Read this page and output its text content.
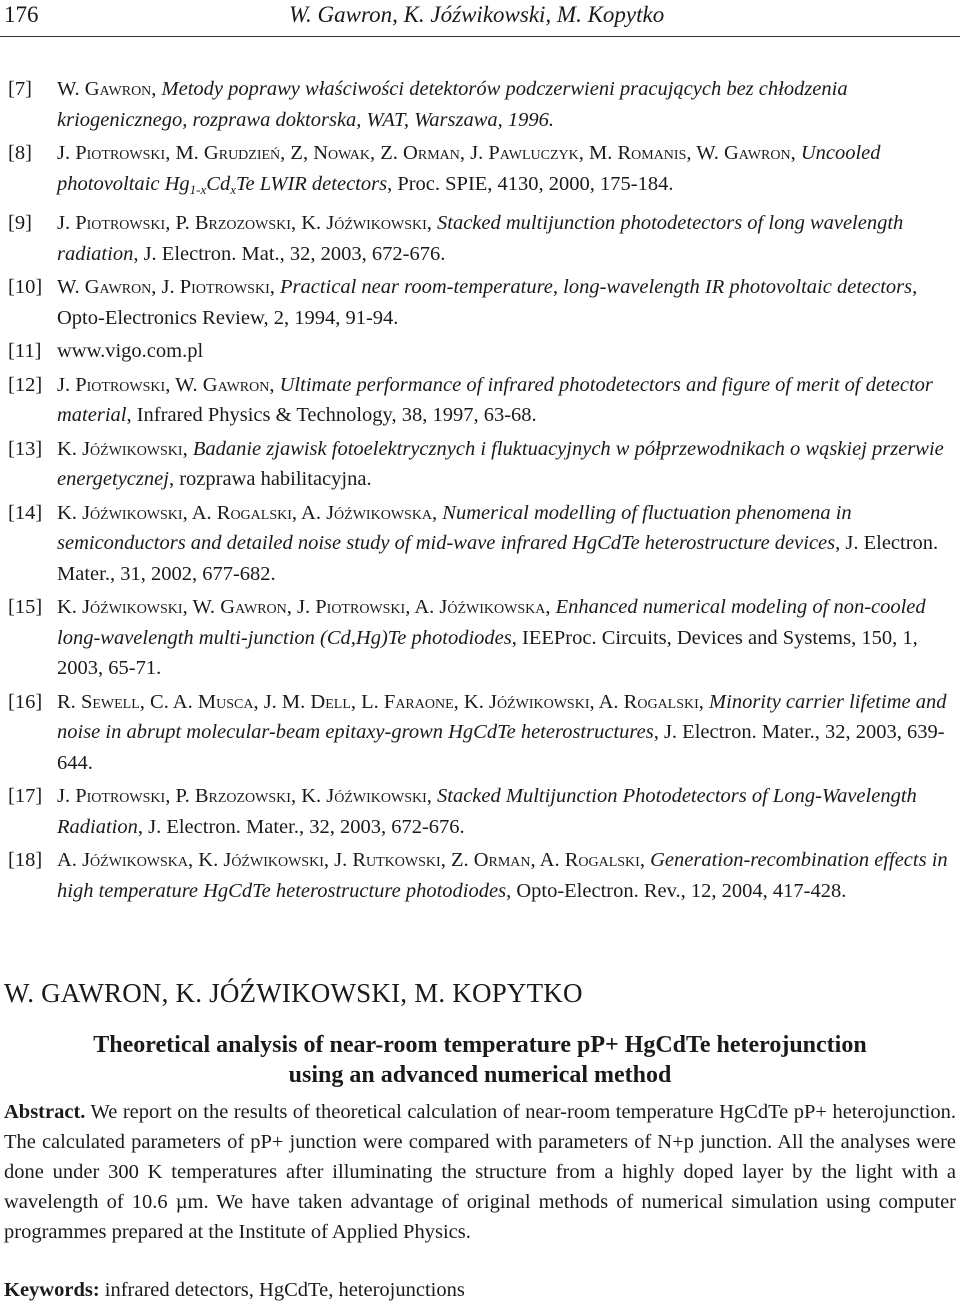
176	W. Gawron, K. Jóźwikowski, M. Kopytko
[7] W. Gawron, Metody poprawy właściwości detektorów podczerwieni pracujących bez chłodzenia kriogenicznego, rozprawa doktorska, WAT, Warszawa, 1996.
[8] J. Piotrowski, M. Grudzień, Z, Nowak, Z. Orman, J. Pawluczyk, M. Romanis, W. Gawron, Uncooled photovoltaic $Hg_{1-x}Cd_xTe$ LWIR detectors, Proc. SPIE, 4130, 2000, 175-184.
[9] J. Piotrowski, P. Brzozowski, K. Jóźwikowski, Stacked multijunction photodetectors of long wavelength radiation, J. Electron. Mat., 32, 2003, 672-676.
[10] W. Gawron, J. Piotrowski, Practical near room-temperature, long-wavelength IR photovoltaic detectors, Opto-Electronics Review, 2, 1994, 91-94.
[11] www.vigo.com.pl
[12] J. Piotrowski, W. Gawron, Ultimate performance of infrared photodetectors and figure of merit of detector material, Infrared Physics & Technology, 38, 1997, 63-68.
[13] K. Jóźwikowski, Badanie zjawisk fotoelektrycznych i fluktuacyjnych w półprzewodnikach o wąskiej przerwie energetycznej, rozprawa habilitacyjna.
[14] K. Jóźwikowski, A. Rogalski, A. Jóźwikowska, Numerical modelling of fluctuation phenomena in semiconductors and detailed noise study of mid-wave infrared HgCdTe heterostructure devices, J. Electron. Mater., 31, 2002, 677-682.
[15] K. Jóźwikowski, W. Gawron, J. Piotrowski, A. Jóźwikowska, Enhanced numerical modeling of non-cooled long-wavelength multi-junction (Cd,Hg)Te photodiodes, IEEProc. Circuits, Devices and Systems, 150, 1, 2003, 65-71.
[16] R. Sewell, C. A. Musca, J. M. Dell, L. Faraone, K. Jóźwikowski, A. Rogalski, Minority carrier lifetime and noise in abrupt molecular-beam epitaxy-grown HgCdTe heterostructures, J. Electron. Mater., 32, 2003, 639-644.
[17] J. Piotrowski, P. Brzozowski, K. Jóźwikowski, Stacked Multijunction Photodetectors of Long-Wavelength Radiation, J. Electron. Mater., 32, 2003, 672-676.
[18] A. Jóźwikowska, K. Jóźwikowski, J. Rutkowski, Z. Orman, A. Rogalski, Generation-recombination effects in high temperature HgCdTe heterostructure photodiodes, Opto-Electron. Rev., 12, 2004, 417-428.
W. GAWRON, K. JÓŹWIKOWSKI, M. KOPYTKO
Theoretical analysis of near-room temperature pP+ HgCdTe heterojunction
using an advanced numerical method
Abstract. We report on the results of theoretical calculation of near-room temperature HgCdTe pP+ heterojunction. The calculated parameters of pP+ junction were compared with parameters of N+p junction. All the analyses were done under 300 K temperatures after illuminating the structure from a highly doped layer by the light with a wavelength of 10.6 µm. We have taken advantage of original methods of numerical simulation using computer programmes prepared at the Institute of Applied Physics.
Keywords: infrared detectors, HgCdTe, heterojunctions
